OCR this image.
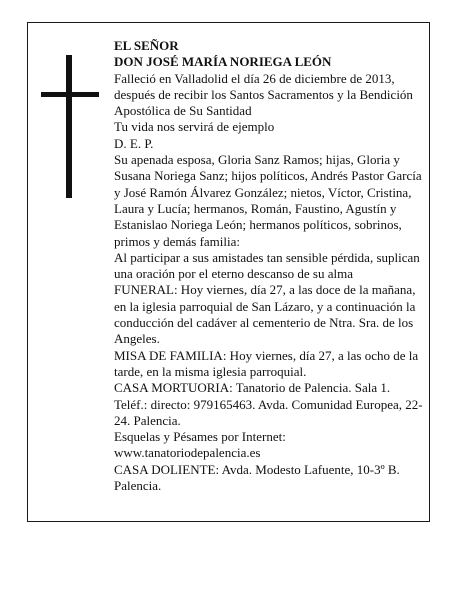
EL SEÑOR

DON JOSÉ MARÍA NORIEGA LEÓN

Falleció en Valladolid el día 26 de diciembre de 2013, después de recibir los Santos Sacramentos y la Bendición Apostólica de Su Santidad

Tu vida nos servirá de ejemplo

D. E. P.

Su apenada esposa, Gloria Sanz Ramos; hijas, Gloria y Susana Noriega Sanz; hijos políticos, Andrés Pastor García y José Ramón Álvarez González; nietos, Víctor, Cristina, Laura y Lucía; hermanos, Román, Faustino, Agustín y Estanislao Noriega León; hermanos políticos, sobrinos, primos y demás familia:

Al participar a sus amistades tan sensible pérdida, suplican una oración por el eterno descanso de su alma

FUNERAL: Hoy viernes, día 27, a las doce de la mañana, en la iglesia parroquial de San Lázaro, y a continuación la conducción del cadáver al cementerio de Ntra. Sra. de los Angeles.

MISA DE FAMILIA: Hoy viernes, día 27, a las ocho de la tarde, en la misma iglesia parroquial.

CASA MORTUORIA: Tanatorio de Palencia. Sala 1. Teléf.: directo: 979165463. Avda. Comunidad Europea, 22-24. Palencia.

Esquelas y Pésames por Internet:

www.tanatoriodepalencia.es

CASA DOLIENTE: Avda. Modesto Lafuente, 10-3º B. Palencia.
